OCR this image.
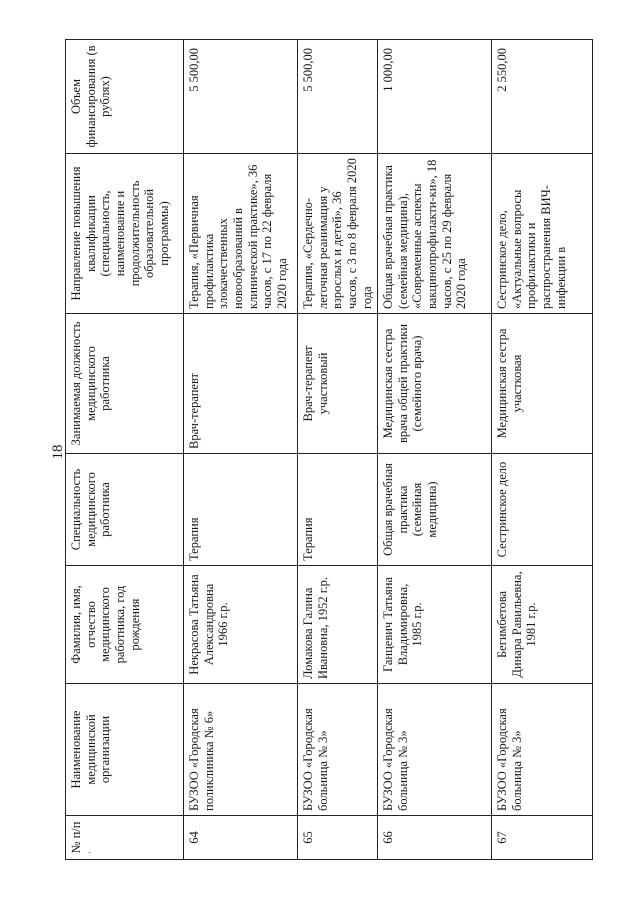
18
,
№ п/п	Наименование медицинской организации	Фамилия, имя, отчество медицинского работника, год рождения	Специальность медицинского работника	Занимаемая должность медицинского работника	Направление повышения квалификации (специальность, наименование и продолжительность образовательной программы)	Объем финансирования (в рублях)
64	БУЗОО «Городская поликлиника № 6»	Некрасова Татьяна Александровна 1966 г.р.	Терапия	Врач-терапевт	Терапия, «Первичная профилактика злокачественных новообразований в клинической практике», 36 часов, с 17 по 22 февраля 2020 года	5 500,00
65	БУЗОО «Городская больница № 3»	Ломакова Галина Ивановна, 1952 г.р.	Терапия	Врач-терапевт участковый	Терапия, «Сердечно-легочная реанимация у взрослых и детей», 36 часов, с 3 по 8 февраля 2020 года	5 500,00
66	БУЗОО «Городская больница № 3»	Ганцевич Татьяна Владимировна, 1985 г.р.	Общая врачебная практика (семейная медицина)	Медицинская сестра врача общей практики (семейного врача)	Общая врачебная практика (семейная медицина), «Современные аспекты вакцинопрофилакти-ки», 18 часов, с 25 по 29 февраля 2020 года	1 000,00
67	БУЗОО «Городская больница № 3»	Бегимбетова Динара Равильевна, 1981 г.р.	Сестринское дело	Медицинская сестра участковая	Сестринское дело, «Актуальные вопросы профилактики и распространения ВИЧ-инфекции в	2 550,00
